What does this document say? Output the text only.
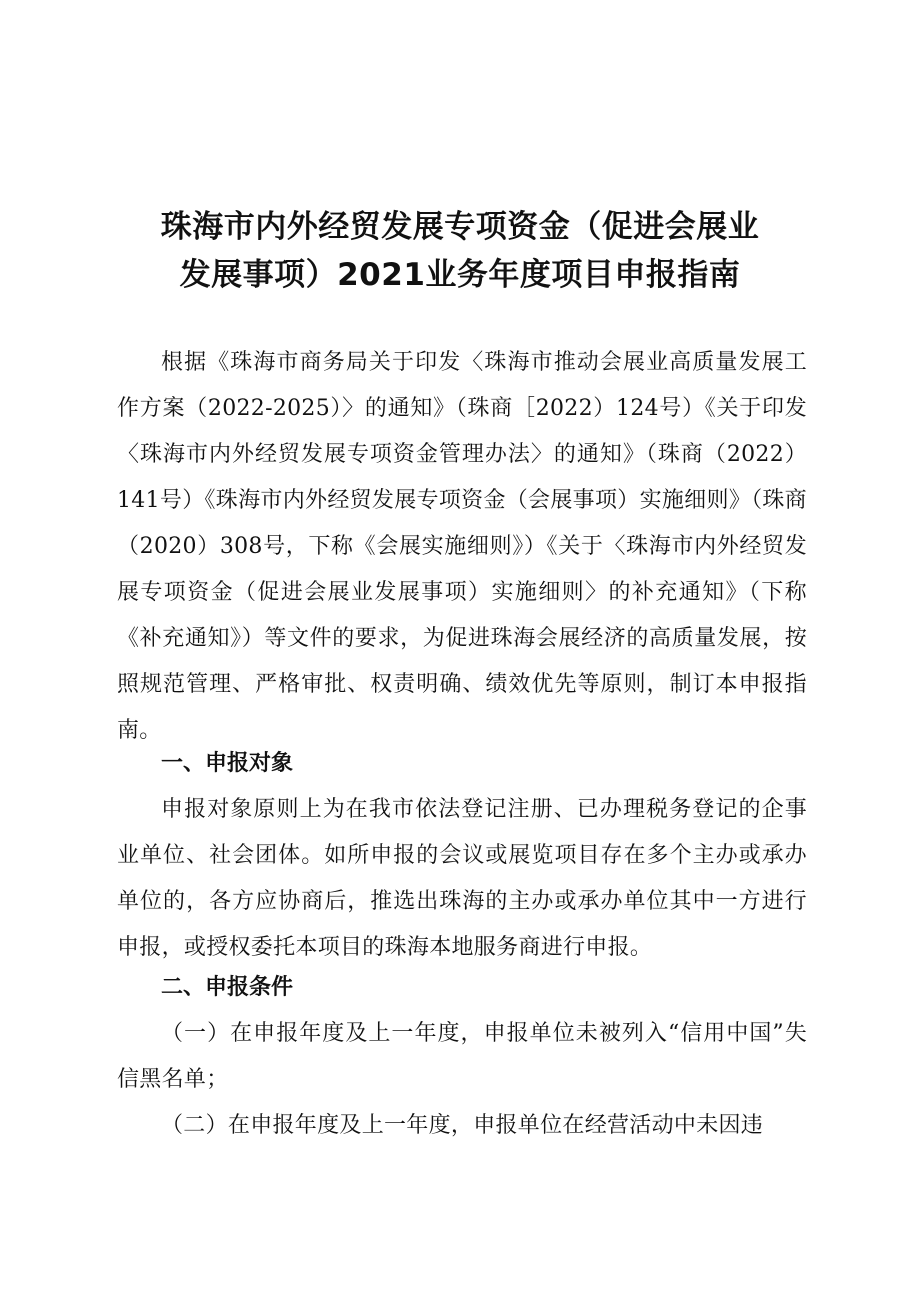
珠海市内外经贸发展专项资金（促进会展业
发展事项）2021业务年度项目申报指南

根据《珠海市商务局关于印发〈珠海市推动会展业高质量发展工作方案（2022-2025）〉的通知》（珠商［2022）124号）《关于印发〈珠海市内外经贸发展专项资金管理办法〉的通知》（珠商（2022）141号）《珠海市内外经贸发展专项资金（会展事项）实施细则》（珠商（2020）308号，下称《会展实施细则》）《关于〈珠海市内外经贸发展专项资金（促进会展业发展事项）实施细则〉的补充通知》（下称《补充通知》）等文件的要求，为促进珠海会展经济的高质量发展，按照规范管理、严格审批、权责明确、绩效优先等原则，制订本申报指南。

一、申报对象

申报对象原则上为在我市依法登记注册、已办理税务登记的企事业单位、社会团体。如所申报的会议或展览项目存在多个主办或承办单位的，各方应协商后，推选出珠海的主办或承办单位其中一方进行申报，或授权委托本项目的珠海本地服务商进行申报。

二、申报条件

（一）在申报年度及上一年度，申报单位未被列入“信用中国”失信黑名单；

（二）在申报年度及上一年度，申报单位在经营活动中未因违
